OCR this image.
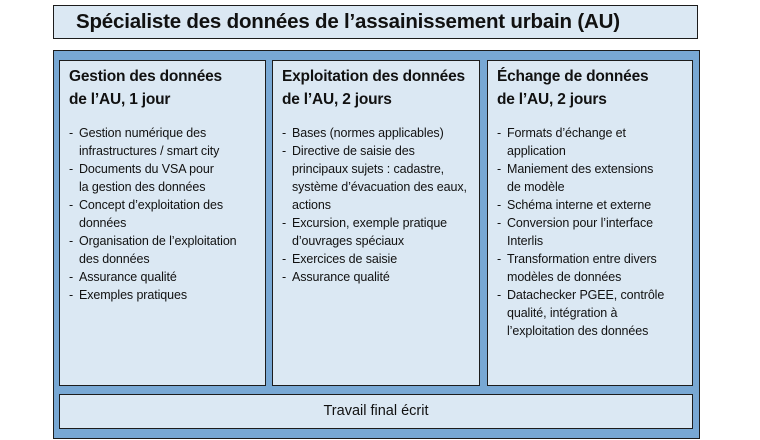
Spécialiste des données de l’assainissement urbain (AU)
Gestion des données
de l’AU, 1 jour
- Gestion numérique des
infrastructures / smart city
- Documents du VSA pour
la gestion des données
- Concept d’exploitation des
données
- Organisation de l’exploitation
des données
- Assurance qualité
- Exemples pratiques
Exploitation des données
de l’AU, 2 jours
- Bases (normes applicables)
- Directive de saisie des
principaux sujets : cadastre,
système d’évacuation des eaux,
actions
- Excursion, exemple pratique
d’ouvrages spéciaux
- Exercices de saisie
- Assurance qualité
Échange de données
de l’AU, 2 jours
- Formats d’échange et
application
- Maniement des extensions
de modèle
- Schéma interne et externe
- Conversion pour l’interface
Interlis
- Transformation entre divers
modèles de données
- Datachecker PGEE, contrôle
qualité, intégration à
l’exploitation des données
Travail final écrit
